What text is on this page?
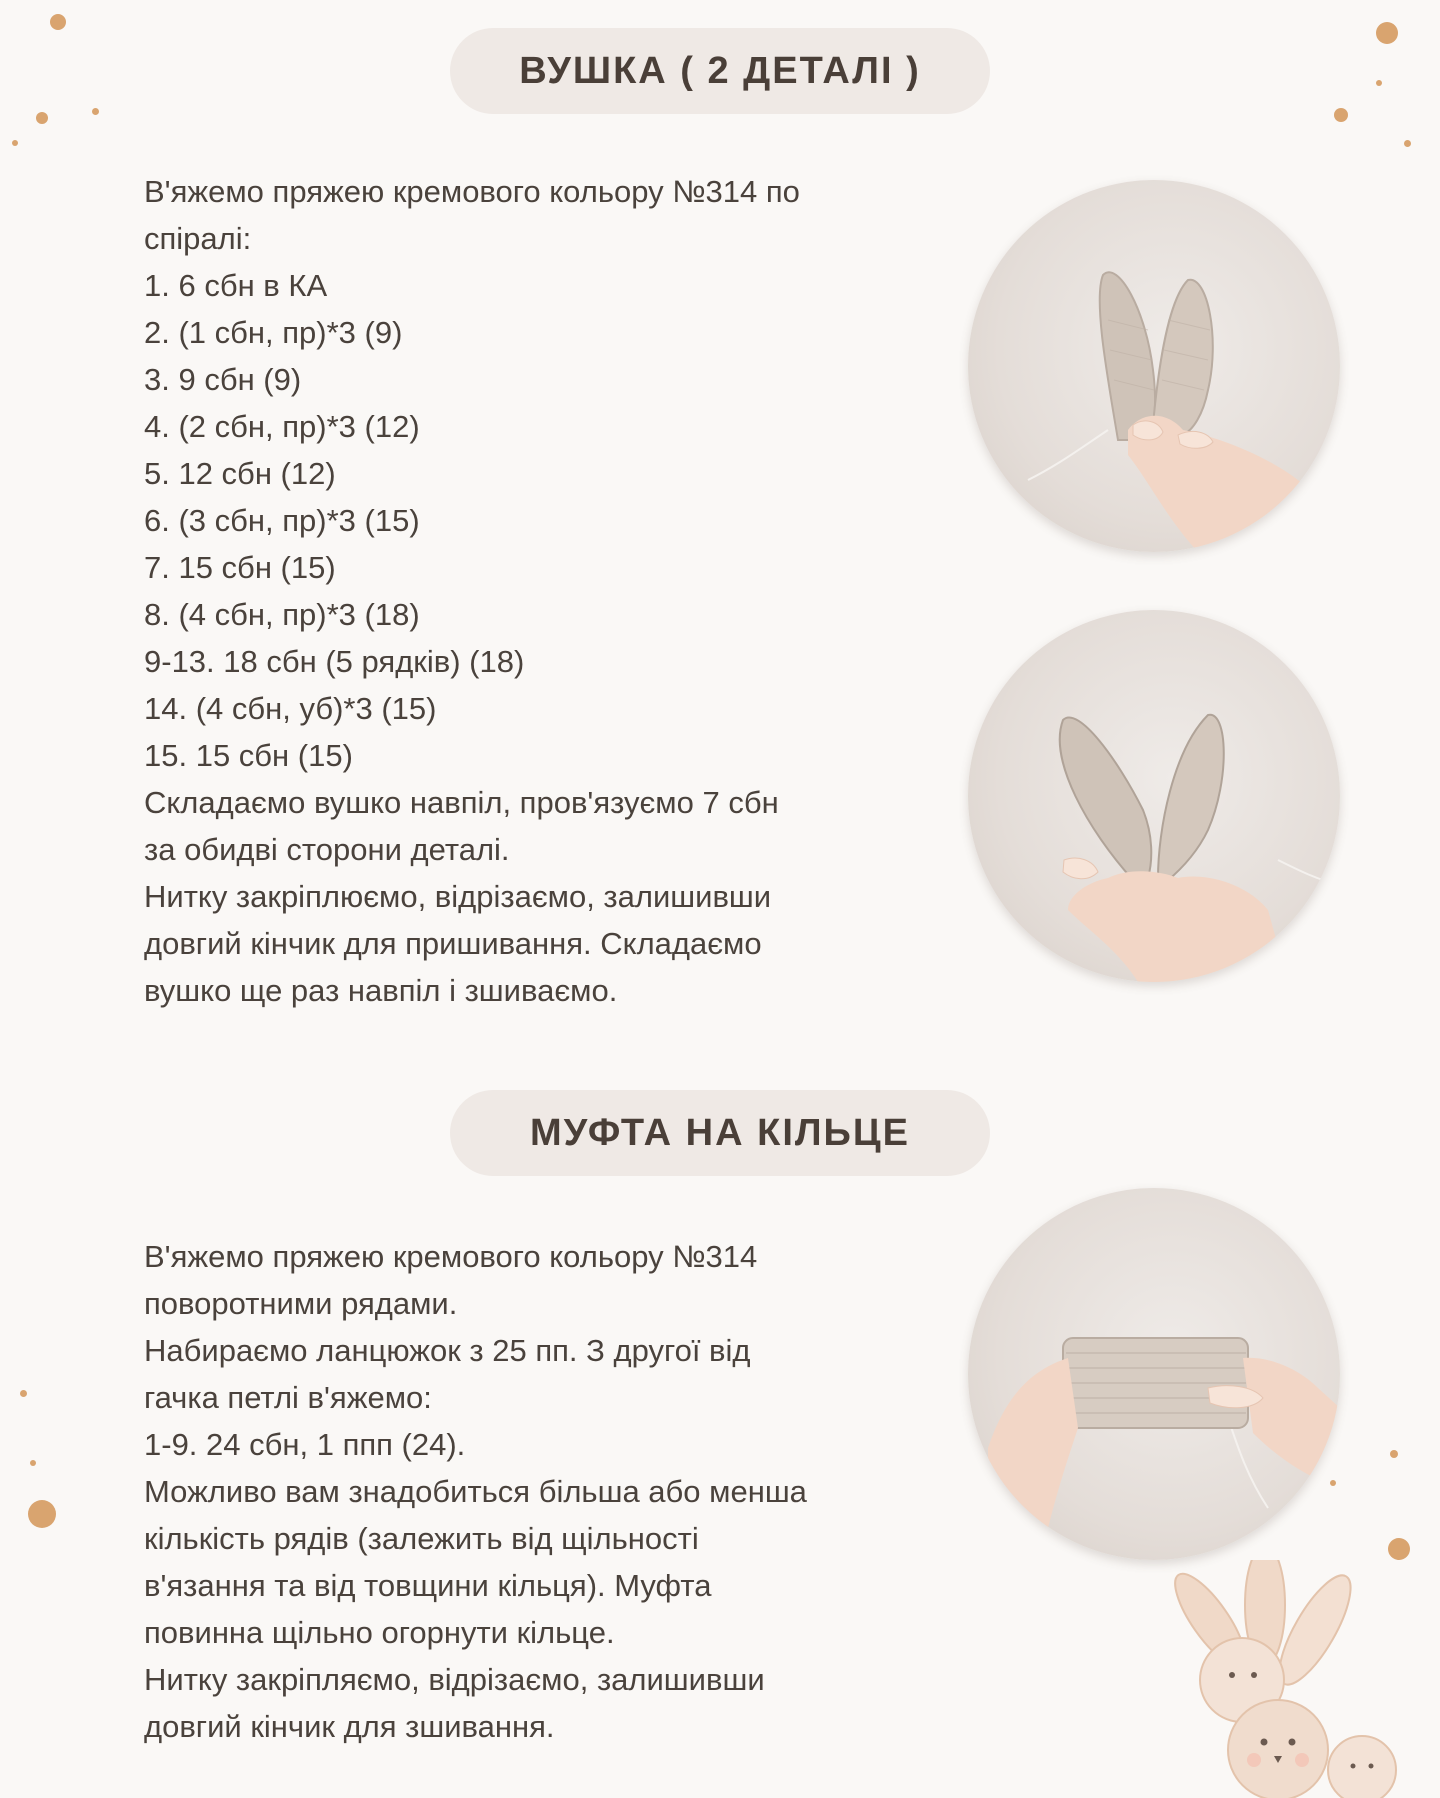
ВУШКА ( 2 ДЕТАЛІ )

В'яжемо пряжею кремового кольору №314 по

спіралі:

1. 6 сбн в КА

2. (1 сбн, пр)*3 (9)

3. 9 сбн (9)

4. (2 сбн, пр)*3 (12)

5. 12 сбн (12)

6. (3 сбн, пр)*3 (15)

7. 15 сбн (15)

8. (4 сбн, пр)*3 (18)

9-13. 18 сбн (5 рядків) (18)

14. (4 сбн, уб)*3 (15)

15. 15 сбн (15)

Складаємо вушко навпіл, пров'язуємо 7 сбн

за обидві сторони деталі.

Нитку закріплюємо, відрізаємо, залишивши

довгий кінчик для пришивання. Складаємо

вушко ще раз навпіл і зшиваємо.

МУФТА НА КІЛЬЦЕ

В'яжемо пряжею кремового кольору №314

поворотними рядами.

Набираємо ланцюжок з 25 пп. З другої від

гачка петлі в'яжемо:

1-9. 24 сбн, 1 ппп (24).

Можливо вам знадобиться більша або менша

кількість рядів (залежить від щільності

в'язання та від товщини кільця). Муфта

повинна щільно огорнути кільце.

Нитку закріпляємо, відрізаємо, залишивши

довгий кінчик для зшивання.
